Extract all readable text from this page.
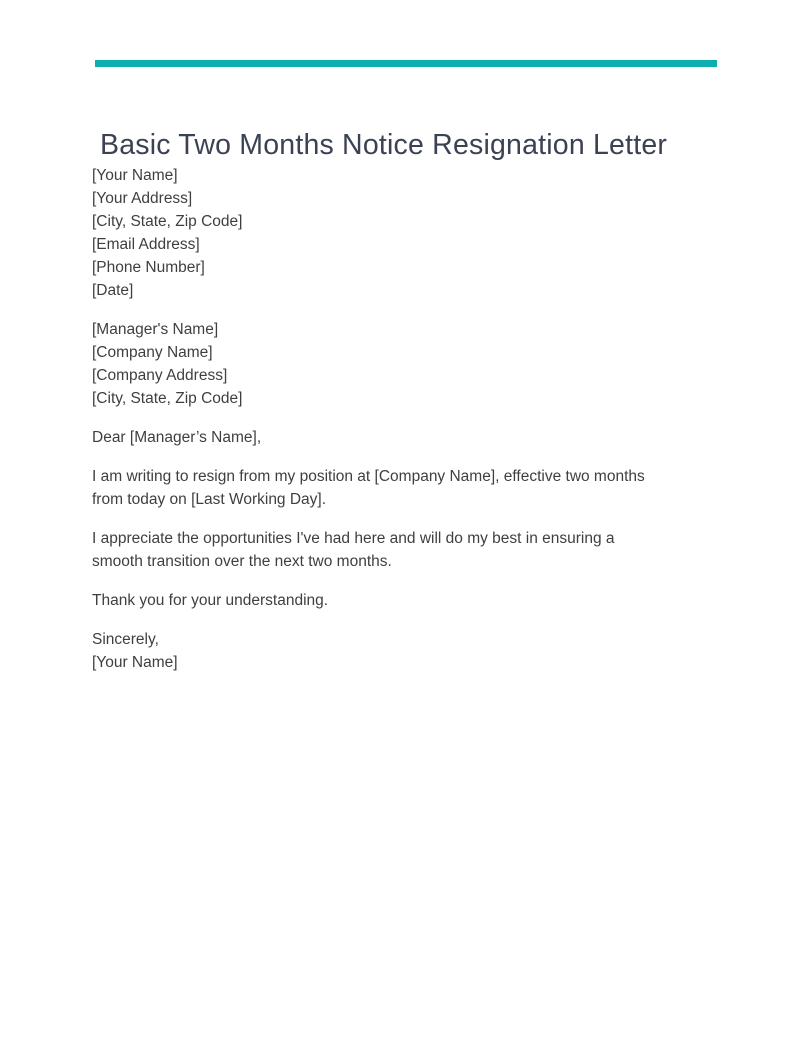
Basic Two Months Notice Resignation Letter
[Your Name]
[Your Address]
[City, State, Zip Code]
[Email Address]
[Phone Number]
[Date]
[Manager's Name]
[Company Name]
[Company Address]
[City, State, Zip Code]
Dear [Manager’s Name],
I am writing to resign from my position at [Company Name], effective two months
from today on [Last Working Day].
I appreciate the opportunities I've had here and will do my best in ensuring a
smooth transition over the next two months.
Thank you for your understanding.
Sincerely,
[Your Name]
